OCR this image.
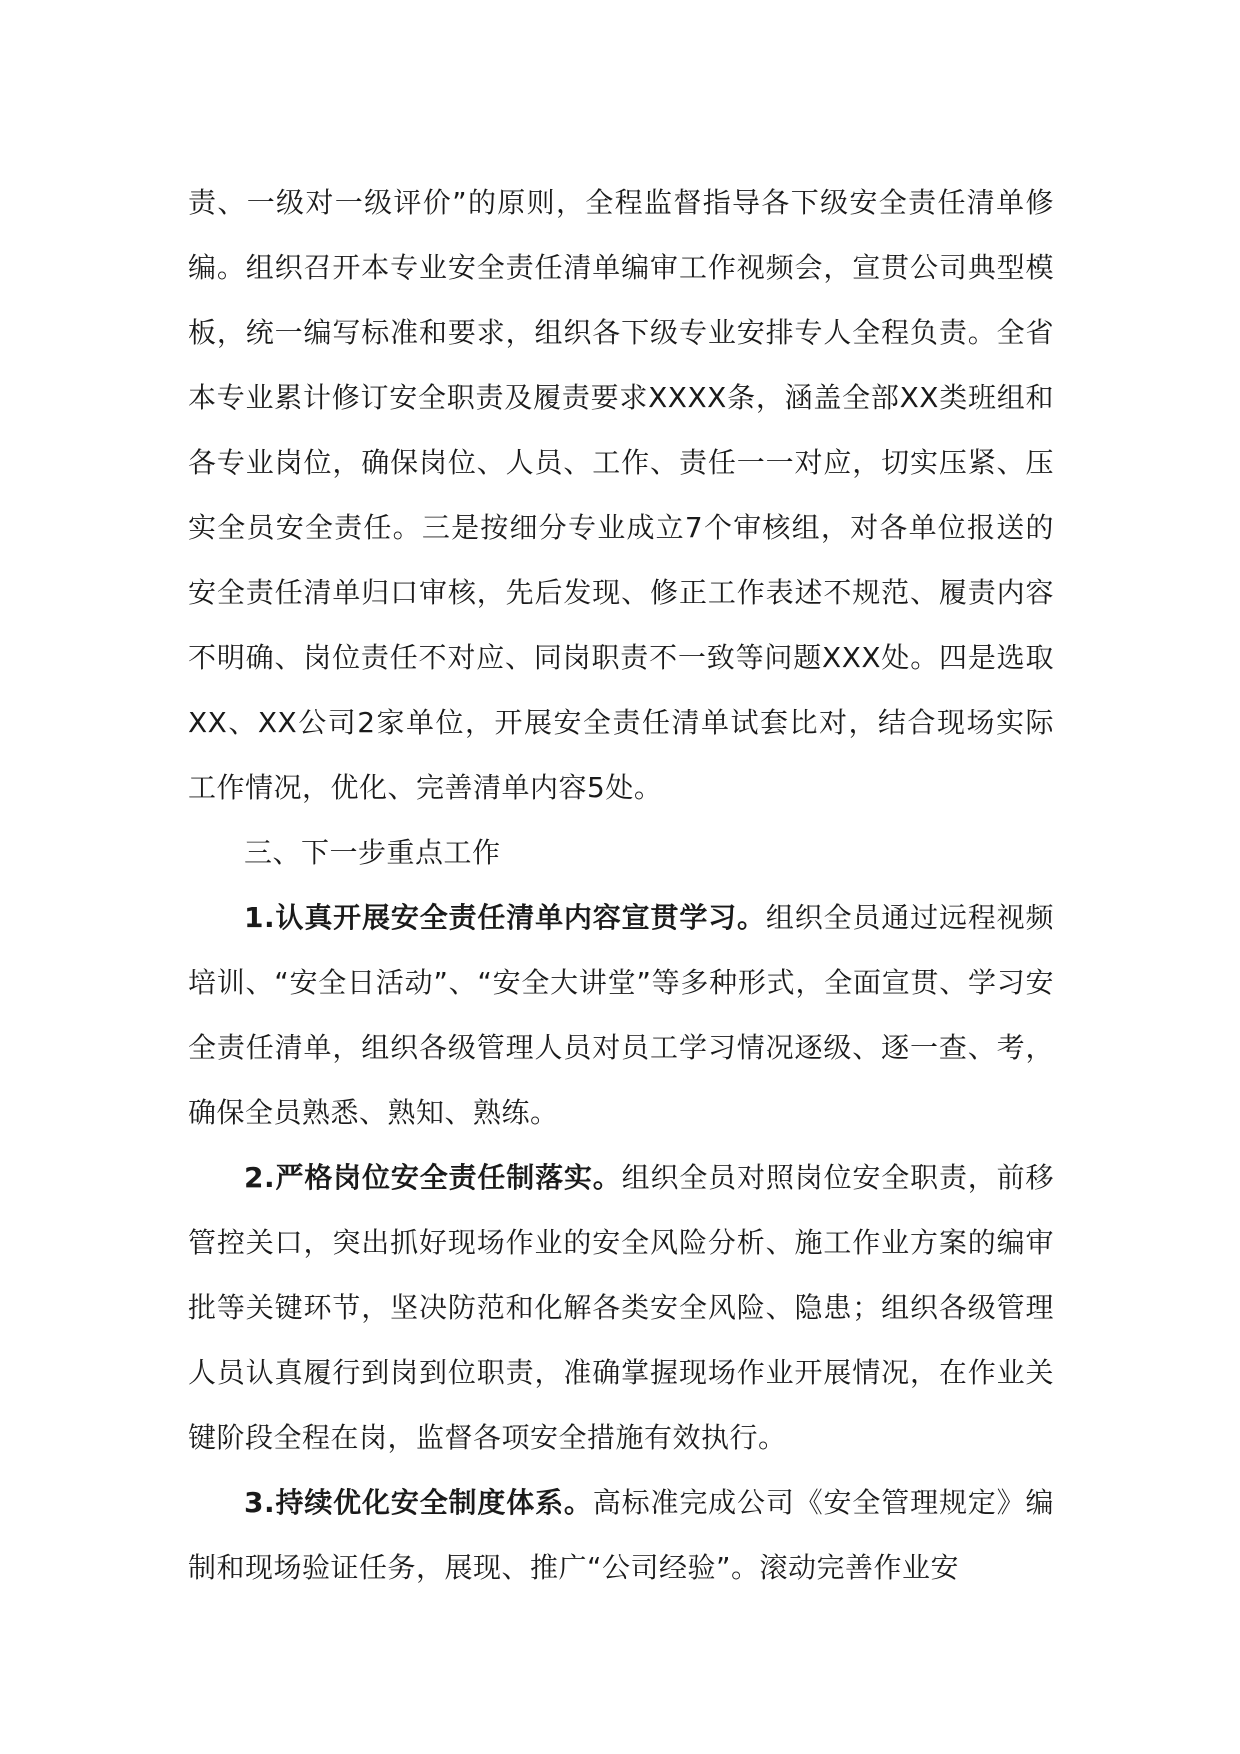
责、一级对一级评价”的原则，全程监督指导各下级安全责任清单修编。组织召开本专业安全责任清单编审工作视频会，宣贯公司典型模板，统一编写标准和要求，组织各下级专业安排专人全程负责。全省本专业累计修订安全职责及履责要求XXXX条，涵盖全部XX类班组和各专业岗位，确保岗位、人员、工作、责任一一对应，切实压紧、压实全员安全责任。三是按细分专业成立7个审核组，对各单位报送的安全责任清单归口审核，先后发现、修正工作表述不规范、履责内容不明确、岗位责任不对应、同岗职责不一致等问题XXX处。四是选取XX、XX公司2家单位，开展安全责任清单试套比对，结合现场实际工作情况，优化、完善清单内容5处。

三、下一步重点工作

1.认真开展安全责任清单内容宣贯学习。组织全员通过远程视频培训、“安全日活动”、“安全大讲堂”等多种形式，全面宣贯、学习安全责任清单，组织各级管理人员对员工学习情况逐级、逐一查、考，确保全员熟悉、熟知、熟练。

2.严格岗位安全责任制落实。组织全员对照岗位安全职责，前移管控关口，突出抓好现场作业的安全风险分析、施工作业方案的编审批等关键环节，坚决防范和化解各类安全风险、隐患；组织各级管理人员认真履行到岗到位职责，准确掌握现场作业开展情况，在作业关键阶段全程在岗，监督各项安全措施有效执行。

3.持续优化安全制度体系。高标准完成公司《安全管理规定》编制和现场验证任务，展现、推广“公司经验”。滚动完善作业安
